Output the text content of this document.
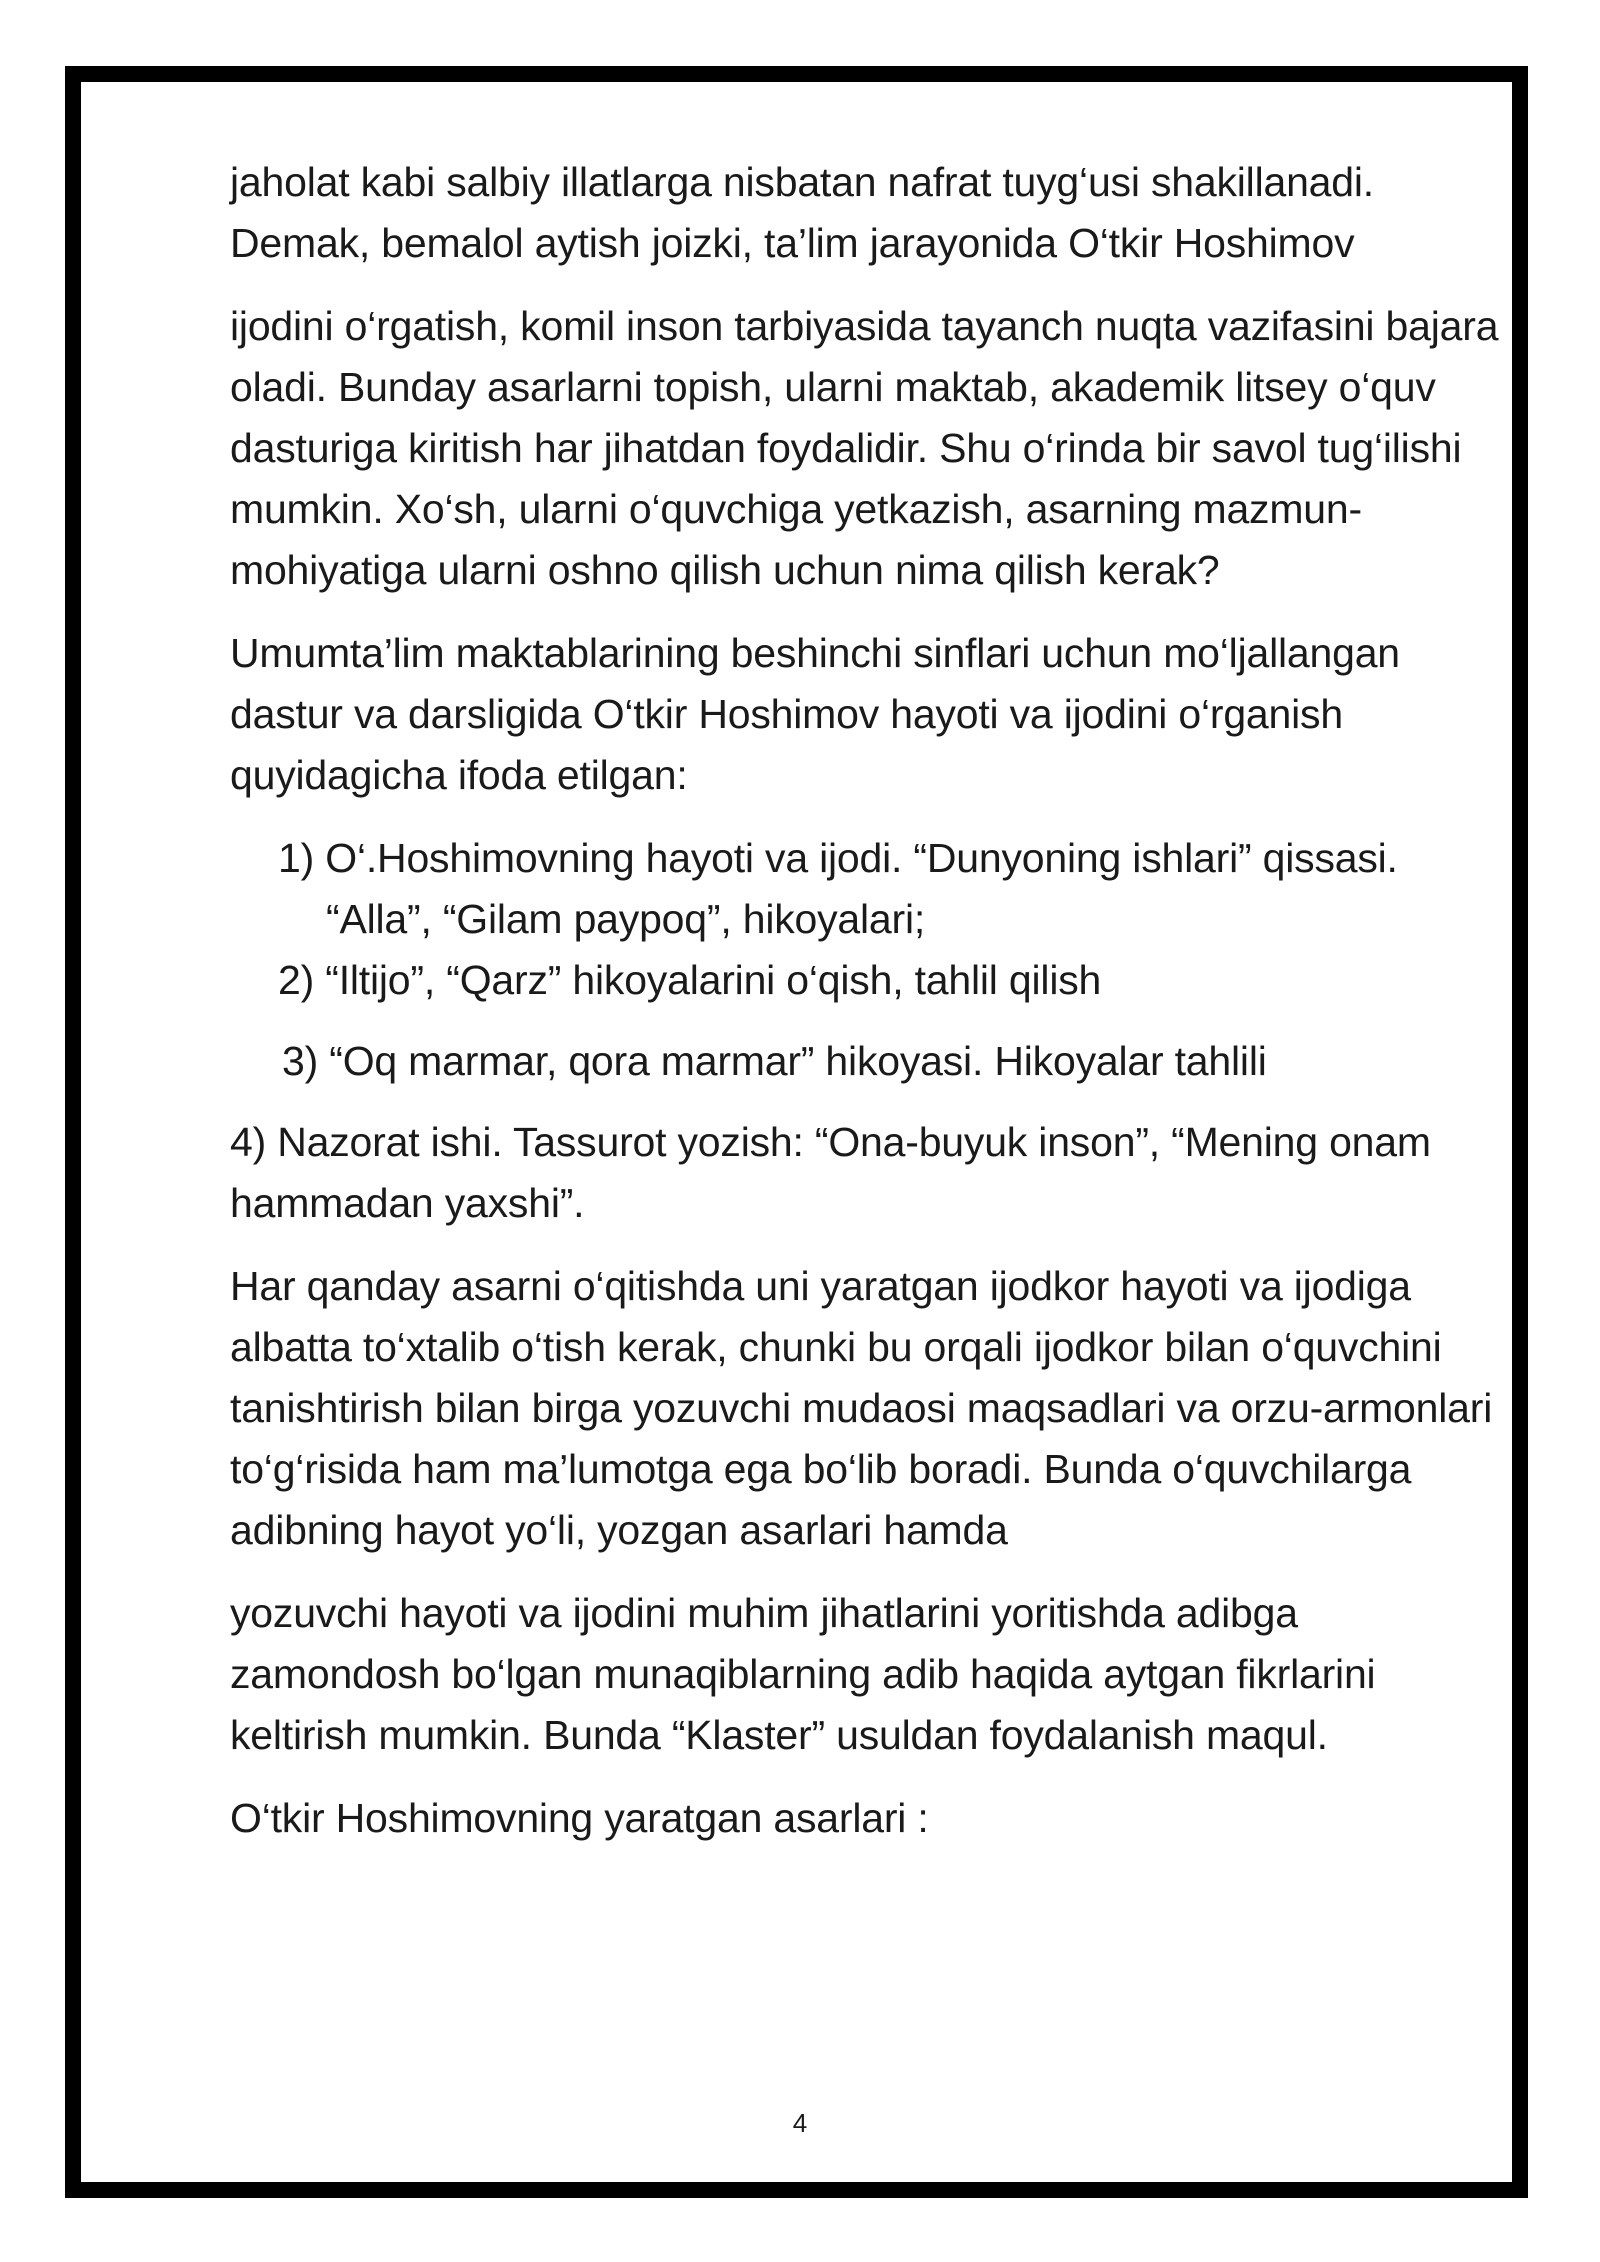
jaholat kabi salbiy illatlarga nisbatan nafrat tuyg‘usi shakillanadi.

Demak, bemalol aytish joizki, ta’lim jarayonida O‘tkir Hoshimov

ijodini o‘rgatish, komil inson tarbiyasida tayanch nuqta vazifasini bajara oladi. Bunday asarlarni topish, ularni maktab, akademik litsey o‘quv dasturiga kiritish har jihatdan foydalidir. Shu o‘rinda bir savol tug‘ilishi mumkin. Xo‘sh, ularni o‘quvchiga yetkazish, asarning mazmun-mohiyatiga ularni oshno qilish uchun nima qilish kerak?

Umumta’lim maktablarining beshinchi sinflari uchun mo‘ljallangan dastur va darsligida O‘tkir Hoshimov hayoti va ijodini o‘rganish quyidagicha ifoda etilgan:

1) O‘.Hoshimovning hayoti va ijodi. “Dunyoning ishlari” qissasi.
“Alla”, “Gilam paypoq”, hikoyalari;
2) “Iltijo”, “Qarz” hikoyalarini o‘qish, tahlil qilish
3) “Oq marmar, qora marmar” hikoyasi. Hikoyalar tahlili

4) Nazorat ishi. Tassurot yozish: “Ona-buyuk inson”, “Mening onam hammadan yaxshi”.

Har qanday asarni o‘qitishda uni yaratgan ijodkor hayoti va ijodiga albatta to‘xtalib o‘tish kerak, chunki bu orqali ijodkor bilan o‘quvchini tanishtirish bilan birga yozuvchi mudaosi maqsadlari va orzu-armonlari to‘g‘risida ham ma’lumotga ega bo‘lib boradi. Bunda o‘quvchilarga adibning hayot yo‘li, yozgan asarlari hamda

yozuvchi hayoti va ijodini muhim jihatlarini yoritishda adibga zamondosh bo‘lgan munaqiblarning adib haqida aytgan fikrlarini keltirish mumkin. Bunda “Klaster” usuldan foydalanish maqul.

O‘tkir Hoshimovning yaratgan asarlari :

4
